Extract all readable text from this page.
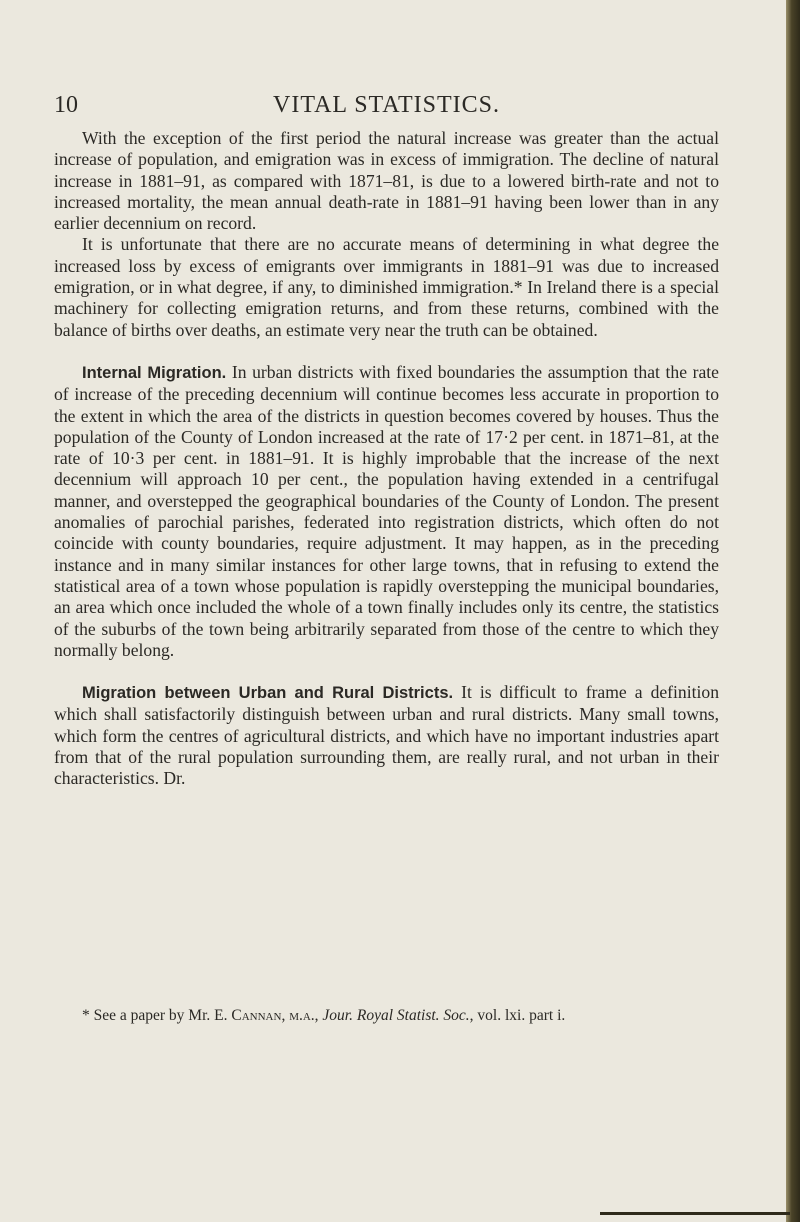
10	VITAL STATISTICS.

With the exception of the first period the natural increase was greater than the actual increase of population, and emigration was in excess of immigration. The decline of natural increase in 1881–91, as compared with 1871–81, is due to a lowered birth-rate and not to increased mortality, the mean annual death-rate in 1881–91 having been lower than in any earlier decennium on record.

It is unfortunate that there are no accurate means of determining in what degree the increased loss by excess of emigrants over immigrants in 1881–91 was due to increased emigration, or in what degree, if any, to diminished immigration.* In Ireland there is a special machinery for collecting emigration returns, and from these returns, combined with the balance of births over deaths, an estimate very near the truth can be obtained.

Internal Migration. In urban districts with fixed boundaries the assumption that the rate of increase of the preceding decennium will continue becomes less accurate in proportion to the extent in which the area of the districts in question becomes covered by houses. Thus the population of the County of London increased at the rate of 17·2 per cent. in 1871–81, at the rate of 10·3 per cent. in 1881–91. It is highly improbable that the increase of the next decennium will approach 10 per cent., the population having extended in a centrifugal manner, and overstepped the geographical boundaries of the County of London. The present anomalies of parochial parishes, federated into registration districts, which often do not coincide with county boundaries, require adjustment. It may happen, as in the preceding instance and in many similar instances for other large towns, that in refusing to extend the statistical area of a town whose population is rapidly overstepping the municipal boundaries, an area which once included the whole of a town finally includes only its centre, the statistics of the suburbs of the town being arbitrarily separated from those of the centre to which they normally belong.

Migration between Urban and Rural Districts. It is difficult to frame a definition which shall satisfactorily distinguish between urban and rural districts. Many small towns, which form the centres of agricultural districts, and which have no important industries apart from that of the rural population surrounding them, are really rural, and not urban in their characteristics. Dr.

* See a paper by Mr. E. Cannan, m.a., Jour. Royal Statist. Soc., vol. lxi. part i.
